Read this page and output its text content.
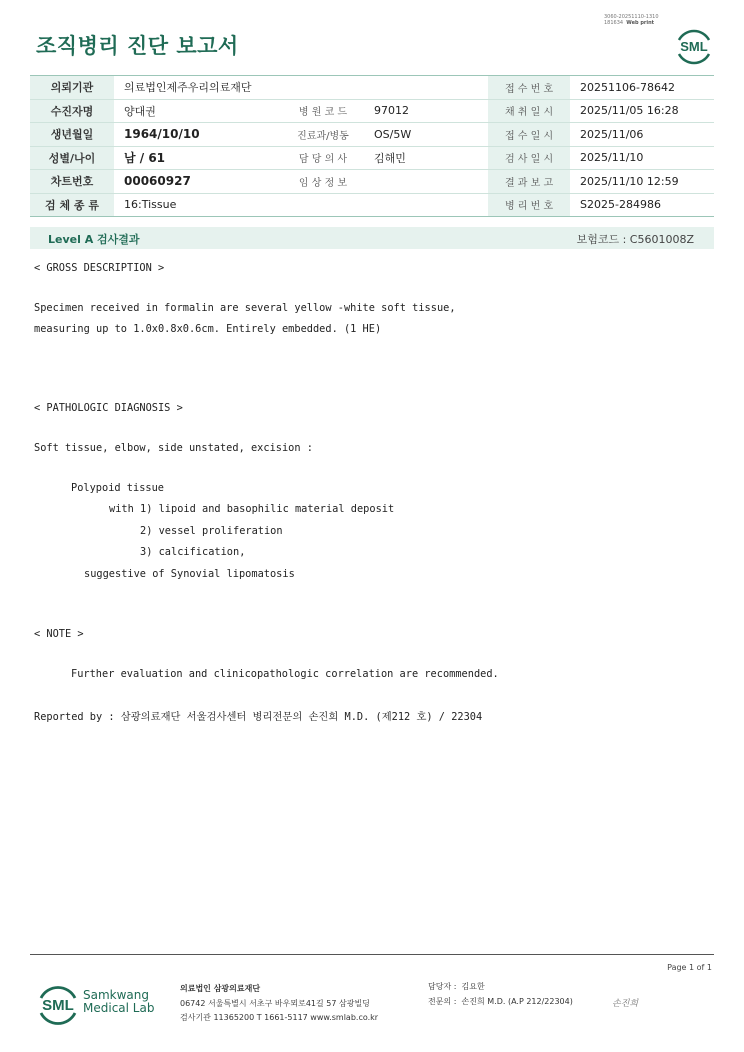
조직병리 진단 보고서
3060-20251110-1310
181634 Web print
SML
의뢰기관	의료법인제주우리의료재단			접 수 번 호	20251106-78642
수진자명	양대권	병 원 코 드	97012	채 취 일 시	2025/11/05 16:28
생년월일	1964/10/10	진료과/병동	OS/5W	접 수 일 시	2025/11/06
성별/나이	남 / 61	담 당 의 사	김해민	검 사 일 시	2025/11/10
차트번호	00060927	임 상 정 보		결 과 보 고	2025/11/10 12:59
검 체 종 류	16:Tissue			병 리 번 호	S2025-284986
Level A 검사결과	보험코드 : C5601008Z
< GROSS DESCRIPTION >
Specimen received in formalin are several yellow -white soft tissue,
measuring up to 1.0x0.8x0.6cm. Entirely embedded. (1 HE)
< PATHOLOGIC DIAGNOSIS >
Soft tissue, elbow, side unstated, excision :
Polypoid tissue
with 1) lipoid and basophilic material deposit
2) vessel proliferation
3) calcification,
suggestive of Synovial lipomatosis
< NOTE >
Further evaluation and clinicopathologic correlation are recommended.
Reported by : 삼광의료재단 서울검사센터 병리전문의 손진희 M.D. (제212 호) / 22304
Page 1 of 1
SML
Samkwang
Medical Lab
의료법인 삼광의료재단
06742 서울특별시 서초구 바우뫼로41길 57 삼광빌딩
검사기관 11365200 T 1661-5117 www.smlab.co.kr
담당자 : 김요한
전문의 : 손진희 M.D. (A.P 212/22304)	손진희
